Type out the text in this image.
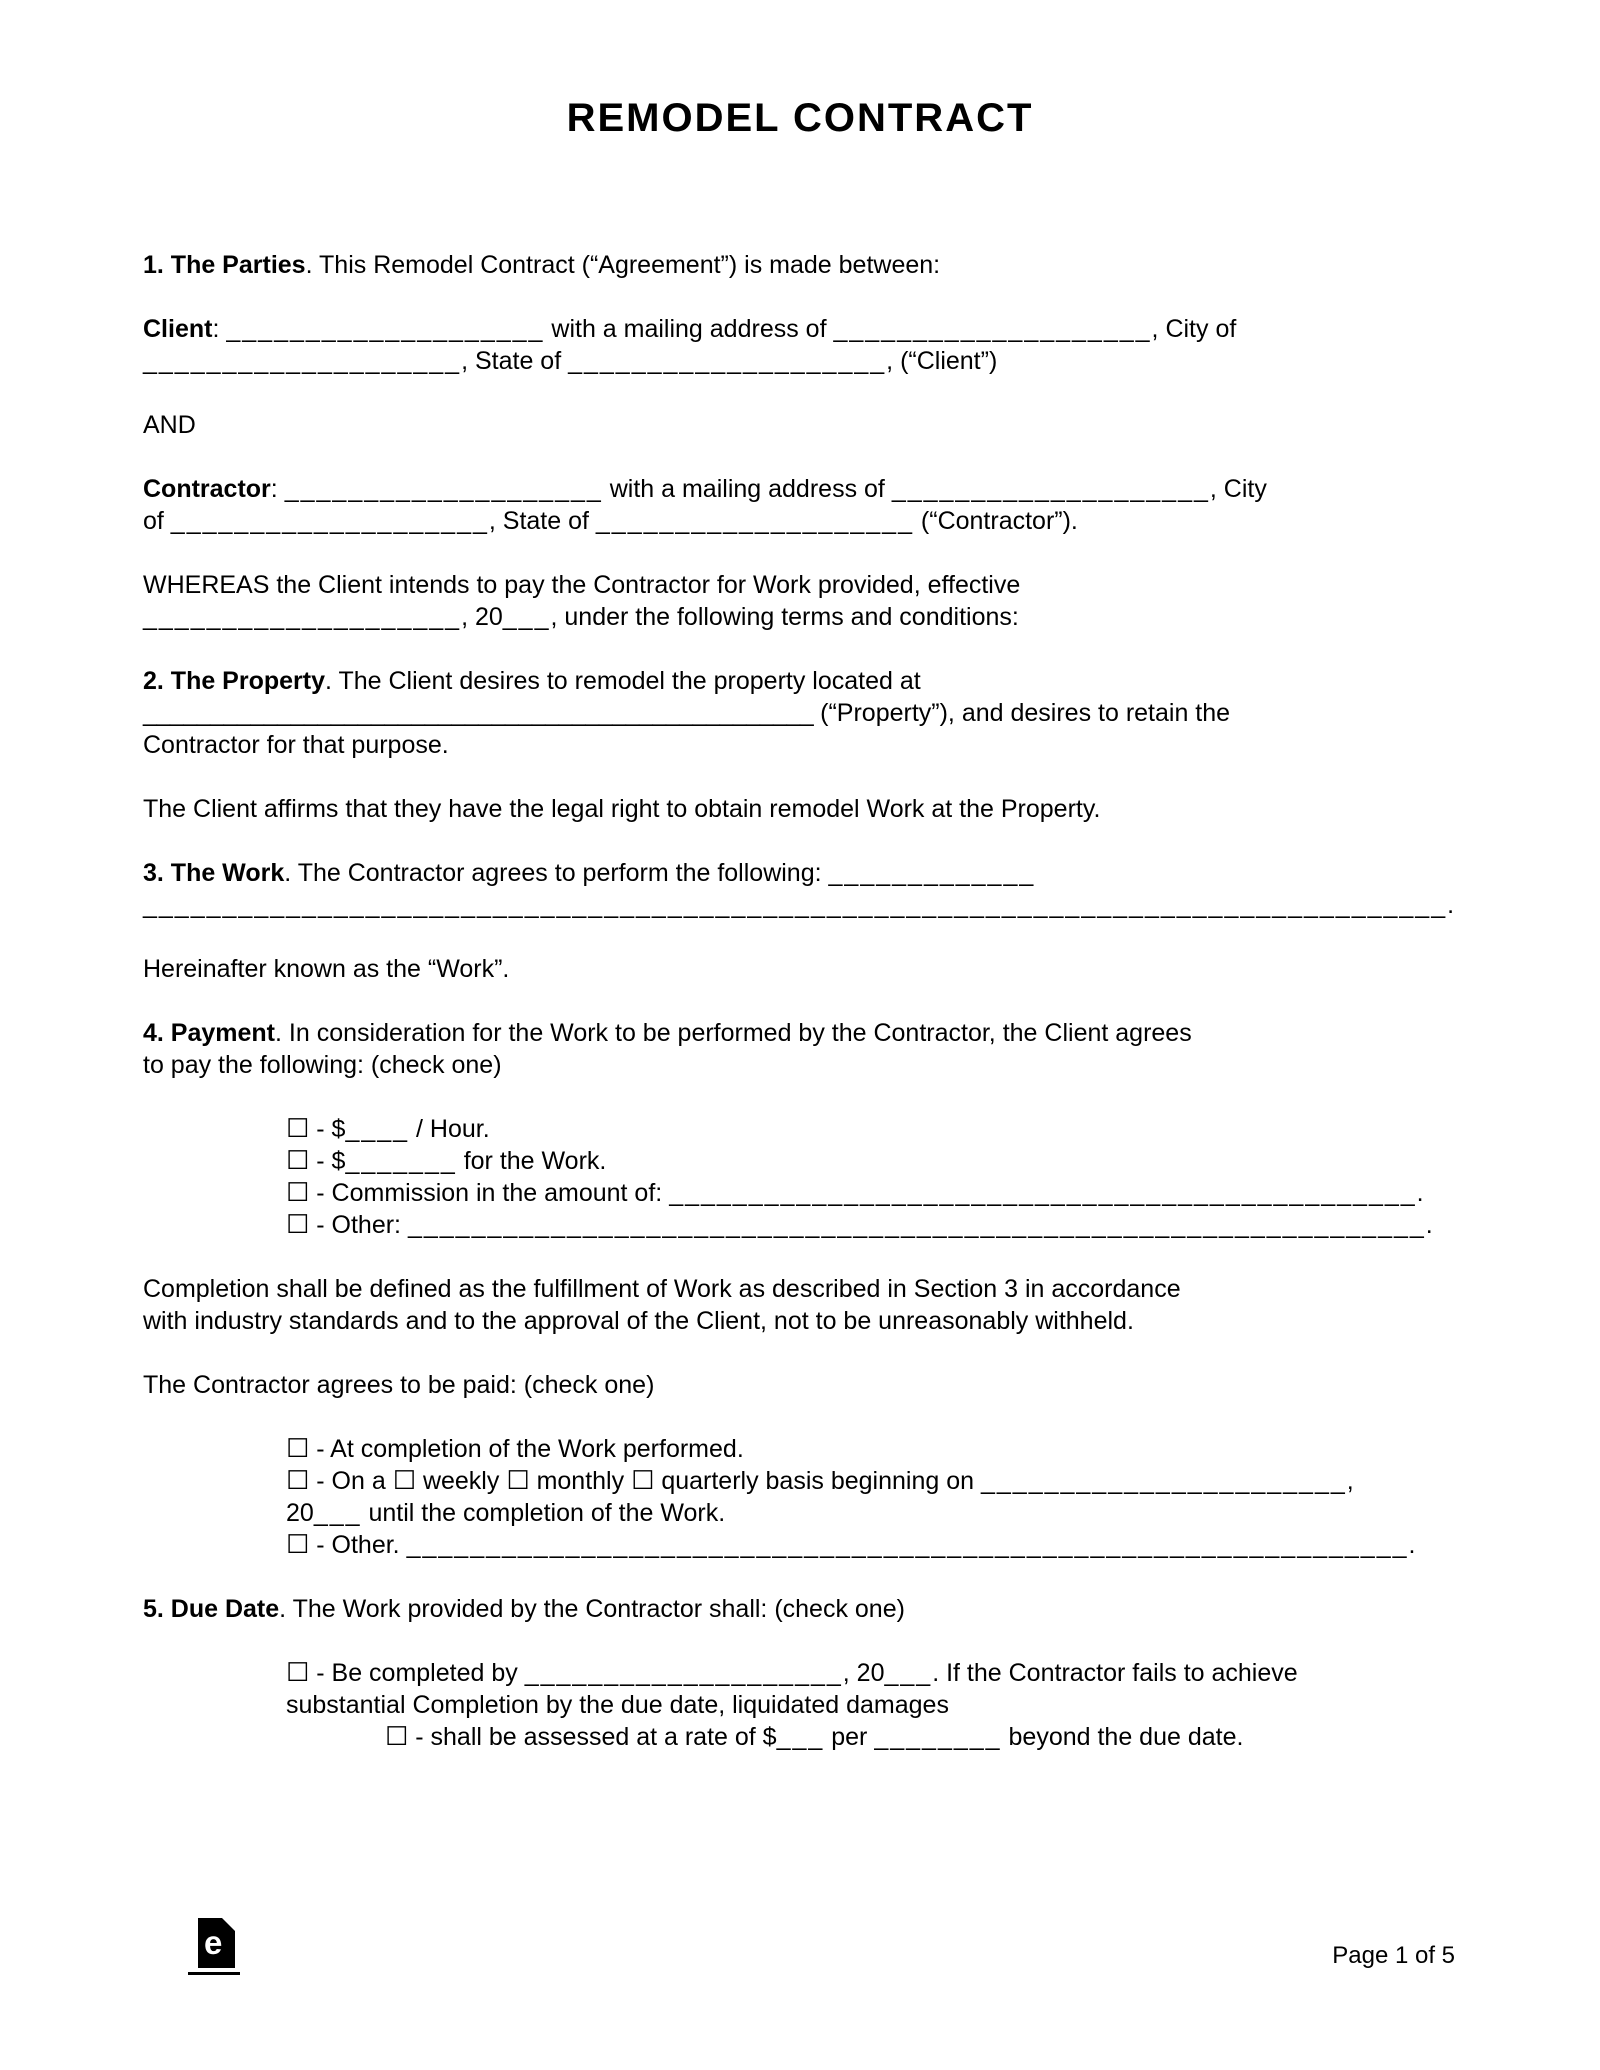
REMODEL CONTRACT
1. The Parties. This Remodel Contract (“Agreement”) is made between:
Client: ____________________ with a mailing address of ____________________, City of
____________________, State of ____________________, (“Client”)
AND
Contractor: ____________________ with a mailing address of ____________________, City
of ____________________, State of ____________________ (“Contractor”).
WHEREAS the Client intends to pay the Contractor for Work provided, effective
____________________, 20___, under the following terms and conditions:
2. The Property. The Client desires to remodel the property located at
__________________________________________________ (“Property”), and desires to retain the
Contractor for that purpose.
The Client affirms that they have the legal right to obtain remodel Work at the Property.
3. The Work. The Contractor agrees to perform the following: _____________
__________________________________________________________________________________.
Hereinafter known as the “Work”.
4. Payment. In consideration for the Work to be performed by the Contractor, the Client agrees
to pay the following: (check one)
☐ - $____ / Hour.
☐ - $_______ for the Work.
☐ - Commission in the amount of: _______________________________________________.
☐ - Other: ________________________________________________________________.
Completion shall be defined as the fulfillment of Work as described in Section 3 in accordance
with industry standards and to the approval of the Client, not to be unreasonably withheld.
The Contractor agrees to be paid: (check one)
☐ - At completion of the Work performed.
☐ - On a ☐ weekly ☐ monthly ☐ quarterly basis beginning on _______________________,
20___ until the completion of the Work.
☐ - Other. _______________________________________________________________.
5. Due Date. The Work provided by the Contractor shall: (check one)
☐ - Be completed by ____________________, 20___. If the Contractor fails to achieve
substantial Completion by the due date, liquidated damages
☐ - shall be assessed at a rate of $___ per ________ beyond the due date.
e	Page 1 of 5
